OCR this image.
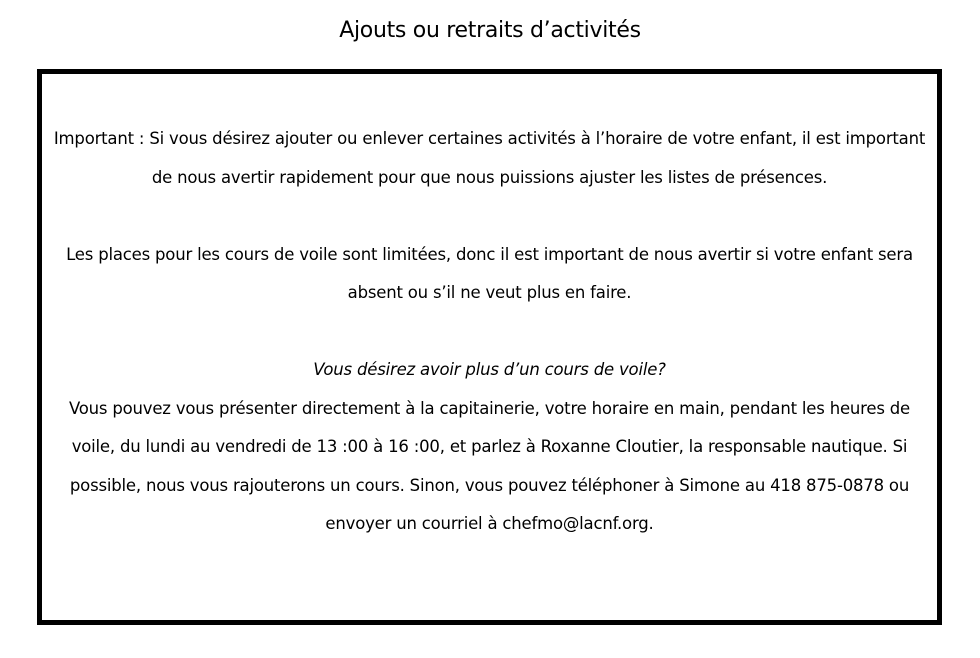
Ajouts ou retraits d’activités

Important : Si vous désirez ajouter ou enlever certaines activités à l’horaire de votre enfant, il est important de nous avertir rapidement pour que nous puissions ajuster les listes de présences.

Les places pour les cours de voile sont limitées, donc il est important de nous avertir si votre enfant sera absent ou s’il ne veut plus en faire.

Vous désirez avoir plus d’un cours de voile?

Vous pouvez vous présenter directement à la capitainerie, votre horaire en main, pendant les heures de voile, du lundi au vendredi de 13 :00 à 16 :00, et parlez à Roxanne Cloutier, la responsable nautique. Si possible, nous vous rajouterons un cours. Sinon, vous pouvez téléphoner à Simone au 418 875-0878 ou envoyer un courriel à chefmo@lacnf.org.
